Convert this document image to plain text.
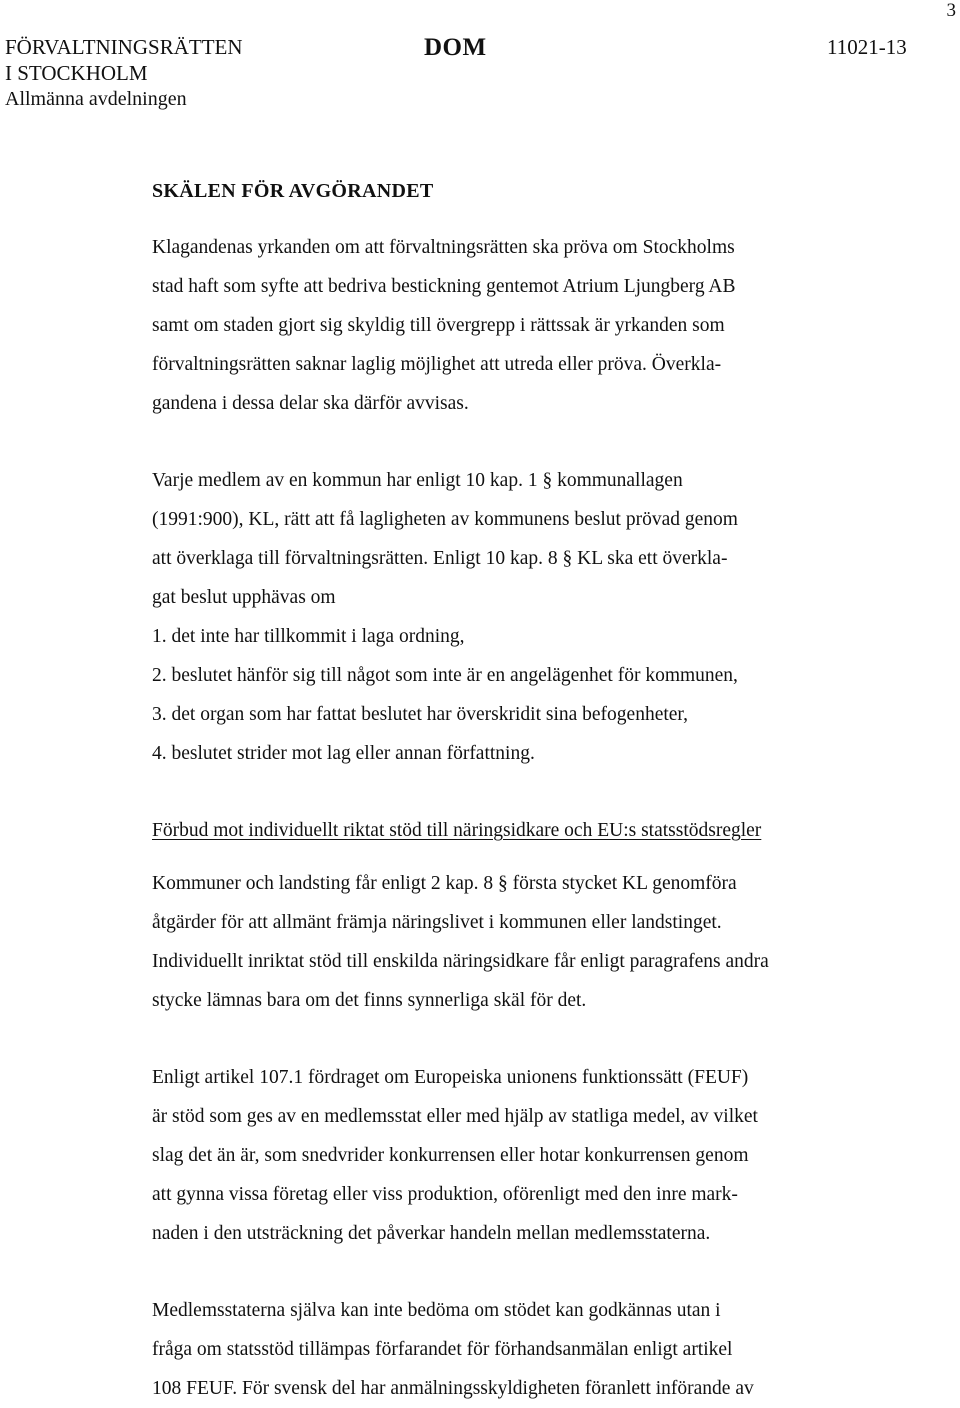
3
FÖRVALTNINGSRÄTTEN
I STOCKHOLM
Allmänna avdelningen
DOM	11021-13
SKÄLEN FÖR AVGÖRANDET
Klagandenas yrkanden om att förvaltningsrätten ska pröva om Stockholms
stad haft som syfte att bedriva bestickning gentemot Atrium Ljungberg AB
samt om staden gjort sig skyldig till övergrepp i rättssak är yrkanden som
förvaltningsrätten saknar laglig möjlighet att utreda eller pröva. Överkla-
gandena i dessa delar ska därför avvisas.
Varje medlem av en kommun har enligt 10 kap. 1 § kommunallagen
(1991:900), KL, rätt att få lagligheten av kommunens beslut prövad genom
att överklaga till förvaltningsrätten. Enligt 10 kap. 8 § KL ska ett överkla-
gat beslut upphävas om
1. det inte har tillkommit i laga ordning,
2. beslutet hänför sig till något som inte är en angelägenhet för kommunen,
3. det organ som har fattat beslutet har överskridit sina befogenheter,
4. beslutet strider mot lag eller annan författning.
Förbud mot individuellt riktat stöd till näringsidkare och EU:s statsstödsregler
Kommuner och landsting får enligt 2 kap. 8 § första stycket KL genomföra
åtgärder för att allmänt främja näringslivet i kommunen eller landstinget.
Individuellt inriktat stöd till enskilda näringsidkare får enligt paragrafens andra
stycke lämnas bara om det finns synnerliga skäl för det.
Enligt artikel 107.1 fördraget om Europeiska unionens funktionssätt (FEUF)
är stöd som ges av en medlemsstat eller med hjälp av statliga medel, av vilket
slag det än är, som snedvrider konkurrensen eller hotar konkurrensen genom
att gynna vissa företag eller viss produktion, oförenligt med den inre mark-
naden i den utsträckning det påverkar handeln mellan medlemsstaterna.
Medlemsstaterna själva kan inte bedöma om stödet kan godkännas utan i
fråga om statsstöd tillämpas förfarandet för förhandsanmälan enligt artikel
108 FEUF. För svensk del har anmälningsskyldigheten föranlett införande av
